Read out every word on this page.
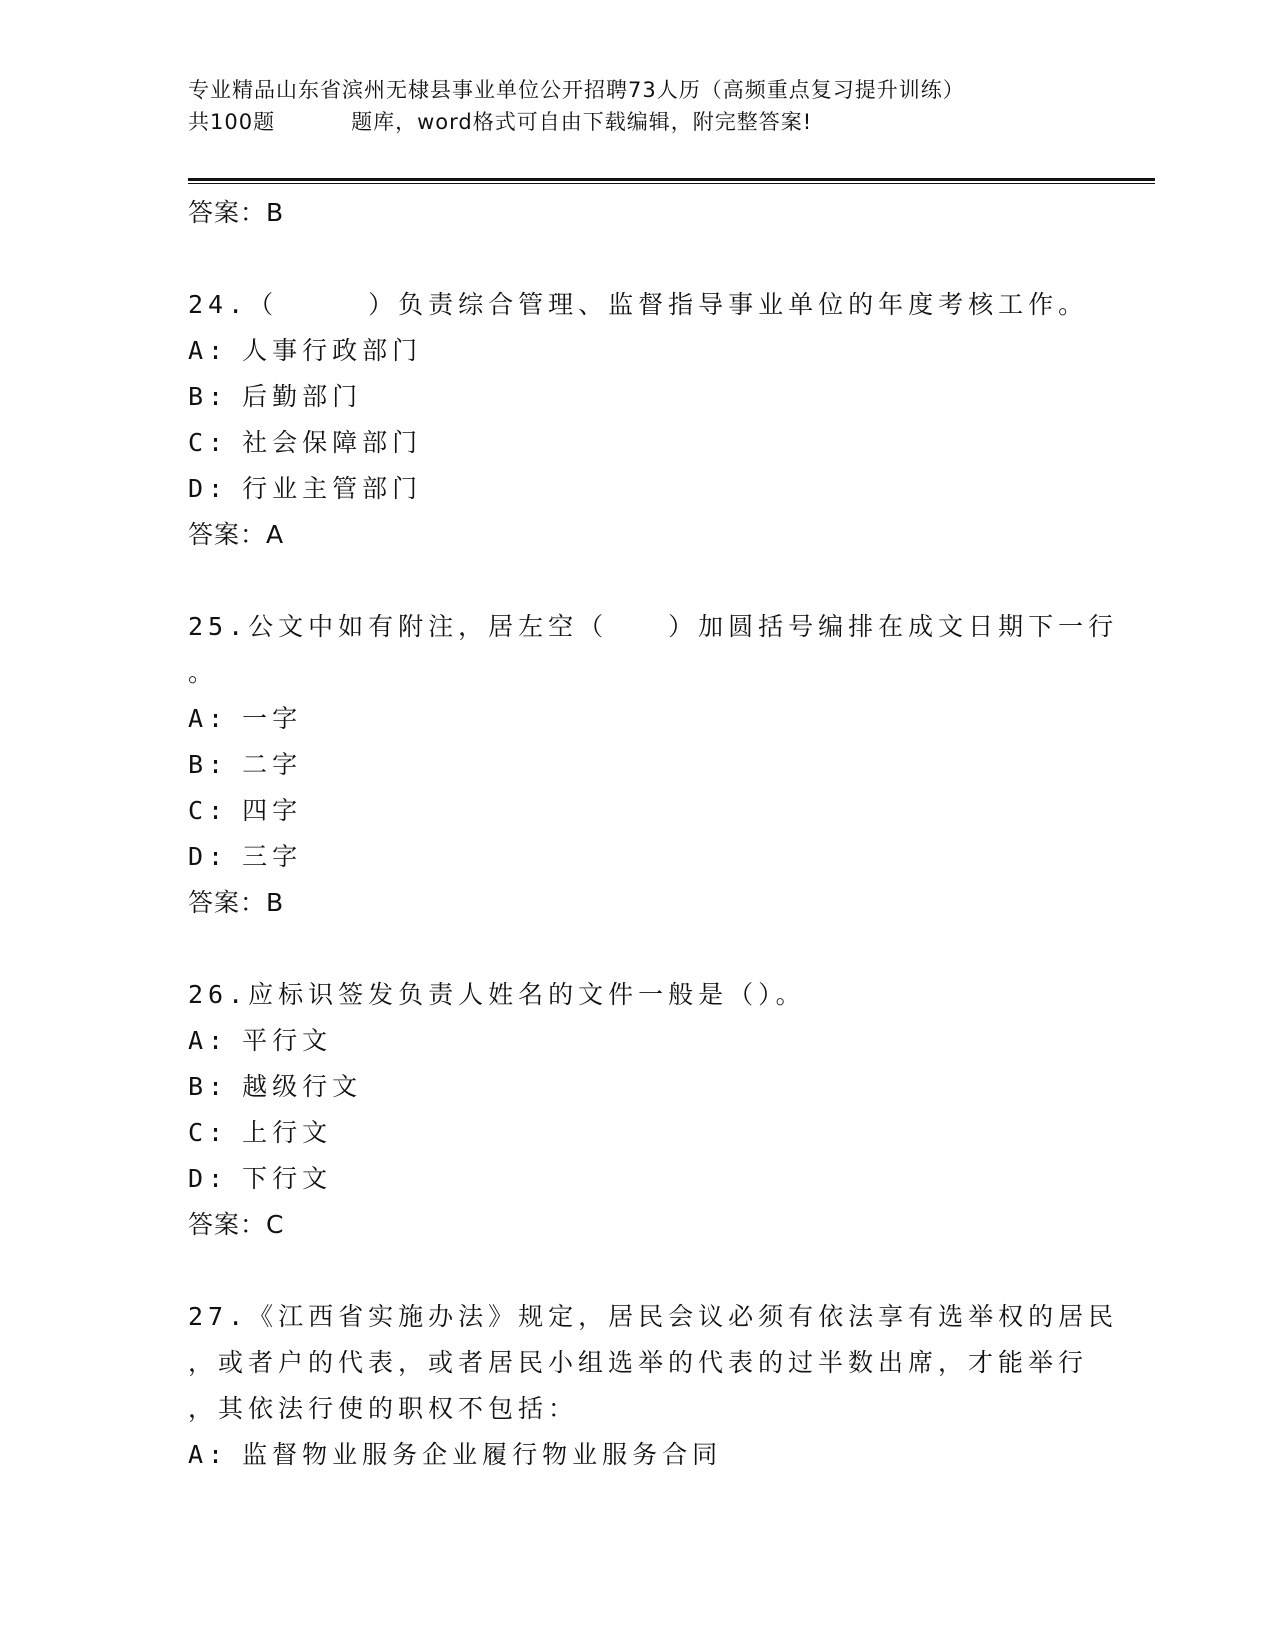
专业精品山东省滨州无棣县事业单位公开招聘73人历（高频重点复习提升训练）
共100题	题库，word格式可自由下载编辑，附完整答案!
答案：B
24.（　　　）负责综合管理、监督指导事业单位的年度考核工作。
A: 人事行政部门
B: 后勤部门
C: 社会保障部门
D: 行业主管部门
答案：A
25.公文中如有附注，居左空（　　）加圆括号编排在成文日期下一行
。
A: 一字
B: 二字
C: 四字
D: 三字
答案：B
26.应标识签发负责人姓名的文件一般是（）。
A: 平行文
B: 越级行文
C: 上行文
D: 下行文
答案：C
27.《江西省实施办法》规定，居民会议必须有依法享有选举权的居民
，或者户的代表，或者居民小组选举的代表的过半数出席，才能举行
，其依法行使的职权不包括：
A: 监督物业服务企业履行物业服务合同
